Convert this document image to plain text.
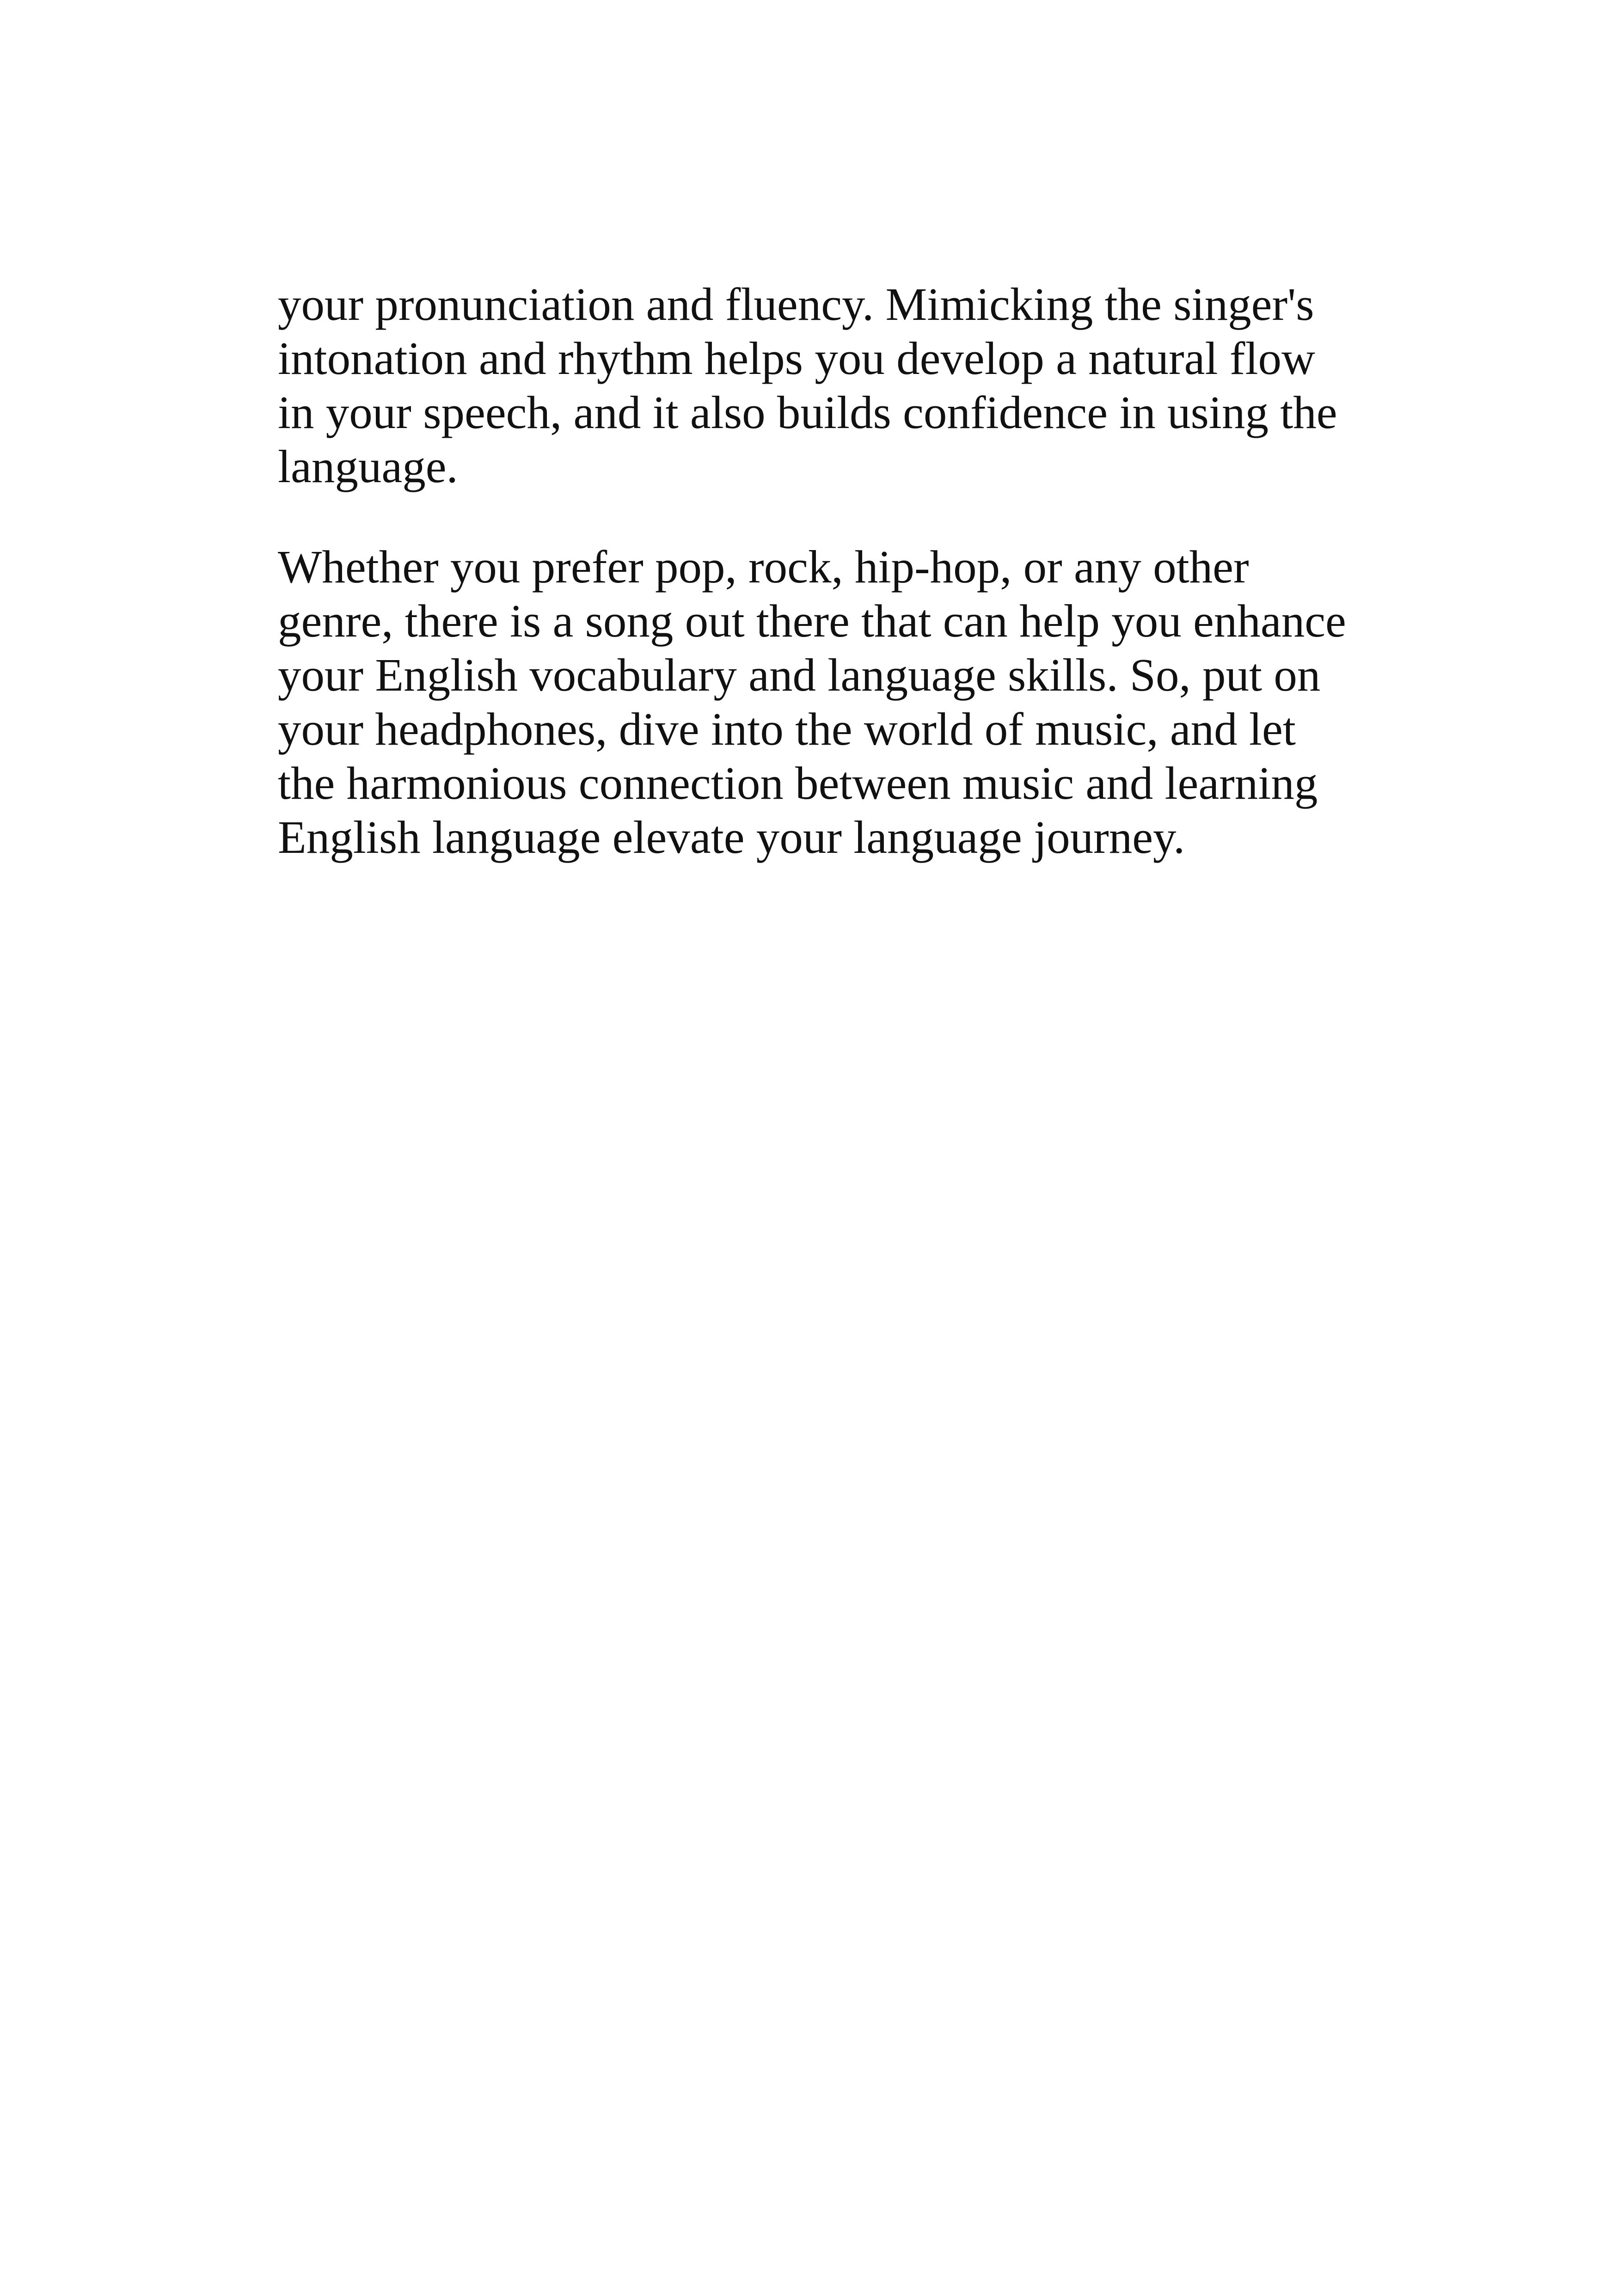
your pronunciation and fluency. Mimicking the singer's
intonation and rhythm helps you develop a natural flow
in your speech, and it also builds confidence in using the
language.

Whether you prefer pop, rock, hip-hop, or any other
genre, there is a song out there that can help you enhance
your English vocabulary and language skills. So, put on
your headphones, dive into the world of music, and let
the harmonious connection between music and learning
English language elevate your language journey.
